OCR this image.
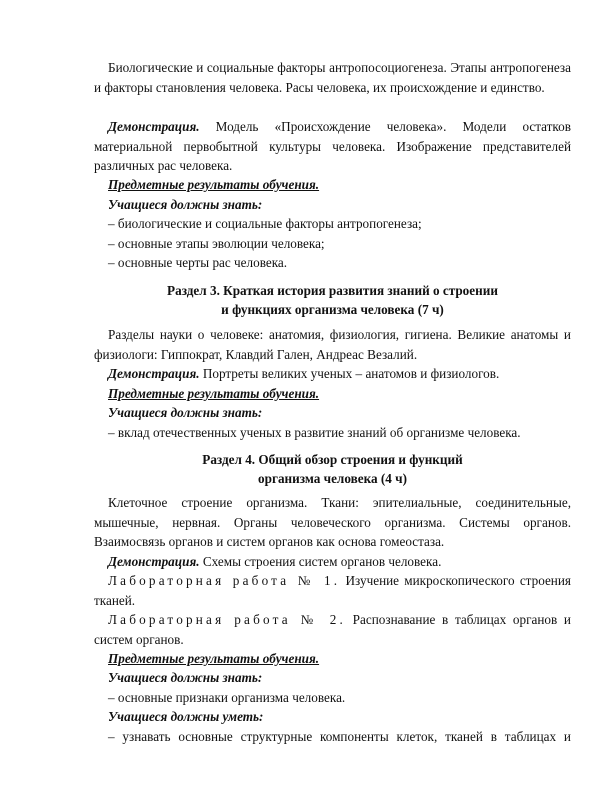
Биологические и социальные факторы антропосоциогенеза. Этапы антропогенеза и факторы становления человека. Расы человека, их происхождение и единство.
Демонстрация. Модель «Происхождение человека». Модели остатков материальной первобытной культуры человека. Изображение представителей различных рас человека.
Предметные результаты обучения.
Учащиеся должны знать:
– биологические и социальные факторы антропогенеза;
– основные этапы эволюции человека;
– основные черты рас человека.
Раздел 3. Краткая история развития знаний о строении
и функциях организма человека (7 ч)
Разделы науки о человеке: анатомия, физиология, гигиена. Великие анатомы и физиологи: Гиппократ, Клавдий Гален, Андреас Везалий.
Демонстрация. Портреты великих ученых – анатомов и физиологов.
Предметные результаты обучения.
Учащиеся должны знать:
– вклад отечественных ученых в развитие знаний об организме человека.
Раздел 4. Общий обзор строения и функций
организма человека (4 ч)
Клеточное строение организма. Ткани: эпителиальные, соединительные, мышечные, нервная. Органы человеческого организма. Системы органов. Взаимосвязь органов и систем органов как основа гомеостаза.
Демонстрация. Схемы строения систем органов человека.
Лабораторная работа № 1. Изучение микроскопического строения тканей.
Лабораторная работа № 2. Распознавание в таблицах органов и систем органов.
Предметные результаты обучения.
Учащиеся должны знать:
– основные признаки организма человека.
Учащиеся должны уметь:
– узнавать основные структурные компоненты клеток, тканей в таблицах и
